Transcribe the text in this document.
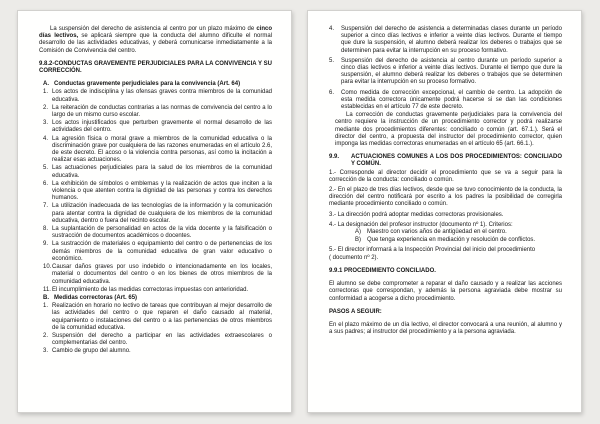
La suspensión del derecho de asistencia al centro por un plazo máximo de cinco días lectivos, se aplicará siempre que la conducta del alumno dificulte el normal desarrollo de las actividades educativas, y deberá comunicarse inmediatamente a la Comisión de Convivencia del centro.

9.8.2-CONDUCTAS GRAVEMENTE PERJUDICIALES PARA LA CONVIVENCIA Y SU CORRECCIÓN.

A. Conductas gravemente perjudiciales para la convivencia (Art. 64)
1. Los actos de indisciplina y las ofensas graves contra miembros de la comunidad educativa.
2. La reiteración de conductas contrarias a las normas de convivencia del centro a lo largo de un mismo curso escolar.
3. Los actos injustificados que perturben gravemente el normal desarrollo de las actividades del centro.
4. La agresión física o moral grave a miembros de la comunidad educativa o la discriminación grave por cualquiera de las razones enumeradas en el artículo 2.6, de este decreto. El acoso o la violencia contra personas, así como la incitación a realizar esas actuaciones.
5. Las actuaciones perjudiciales para la salud de los miembros de la comunidad educativa.
6. La exhibición de símbolos o emblemas y la realización de actos que inciten a la violencia o que atenten contra la dignidad de las personas y contra los derechos humanos.
7. La utilización inadecuada de las tecnologías de la información y la comunicación para atentar contra la dignidad de cualquiera de los miembros de la comunidad educativa, dentro o fuera del recinto escolar.
8. La suplantación de personalidad en actos de la vida docente y la falsificación o sustracción de documentos académicos o docentes.
9. La sustracción de materiales o equipamiento del centro o de pertenencias de los demás miembros de la comunidad educativa de gran valor educativo o económico.
10. Causar daños graves por uso indebido o intencionadamente en los locales, material o documentos del centro o en los bienes de otros miembros de la comunidad educativa.
11. El incumplimiento de las medidas correctoras impuestas con anterioridad.
B. Medidas correctoras (Art. 65)
1. Realización en horario no lectivo de tareas que contribuyan al mejor desarrollo de las actividades del centro o que reparen el daño causado al material, equipamiento o instalaciones del centro o a las pertenencias de otros miembros de la comunidad educativa.
2. Suspensión del derecho a participar en las actividades extraescolares o complementarias del centro.
3. Cambio de grupo del alumno.
4.	Suspensión del derecho de asistencia a determinadas clases durante un período superior a cinco días lectivos e inferior a veinte días lectivos. Durante el tiempo que dure la suspensión, el alumno deberá realizar los deberes o trabajos que se determinen para evitar la interrupción en su proceso formativo.
5.	Suspensión del derecho de asistencia al centro durante un período superior a cinco días lectivos e inferior a veinte días lectivos. Durante el tiempo que dure la suspensión, el alumno deberá realizar los deberes o trabajos que se determinen para evitar la interrupción en su proceso formativo.
6.	Como medida de corrección excepcional, el cambio de centro. La adopción de esta medida correctora únicamente podrá hacerse si se dan las condiciones establecidas en el artículo 77 de este decreto.

La corrección de conductas gravemente perjudiciales para la convivencia del centro requiere la instrucción de un procedimiento corrector y podrá realizarse mediante dos procedimientos diferentes: conciliado o común (art. 67.1.). Será el director del centro, a propuesta del instructor del procedimiento corrector, quien imponga las medidas correctoras enumeradas en el artículo 65 (art. 66.1.).

9.9.	ACTUACIONES COMUNES A LOS DOS PROCEDIMIENTOS: CONCILIADO Y COMÚN.

1.- Corresponde al director decidir el procedimiento que se va a seguir para la corrección de la conducta: conciliado o común.

2.- En el plazo de tres días lectivos, desde que se tuvo conocimiento de la conducta, la dirección del centro notificará por escrito a los padres la posibilidad de corregirla mediante procedimiento conciliado o común.

3.- La dirección podrá adoptar medidas correctoras provisionales.

4.- La designación del profesor instructor (documento nº 1). Criterios:

A)	Maestro con varios años de antigüedad en el centro.
B)	Que tenga experiencia en mediación y resolución de conflictos.

5.- El director informará a la Inspección Provincial del inicio del procedimiento

( documento nº 2).

9.9.1 PROCEDIMIENTO CONCILIADO.

El alumno se debe comprometer a reparar el daño causado y a realizar las acciones correctoras que correspondan, y además la persona agraviada debe mostrar su conformidad a acogerse a dicho procedimiento.

PASOS A SEGUIR:

En el plazo máximo de un día lectivo, el director convocará a una reunión, al alumno y a sus padres; al instructor del procedimiento y a la persona agraviada.
